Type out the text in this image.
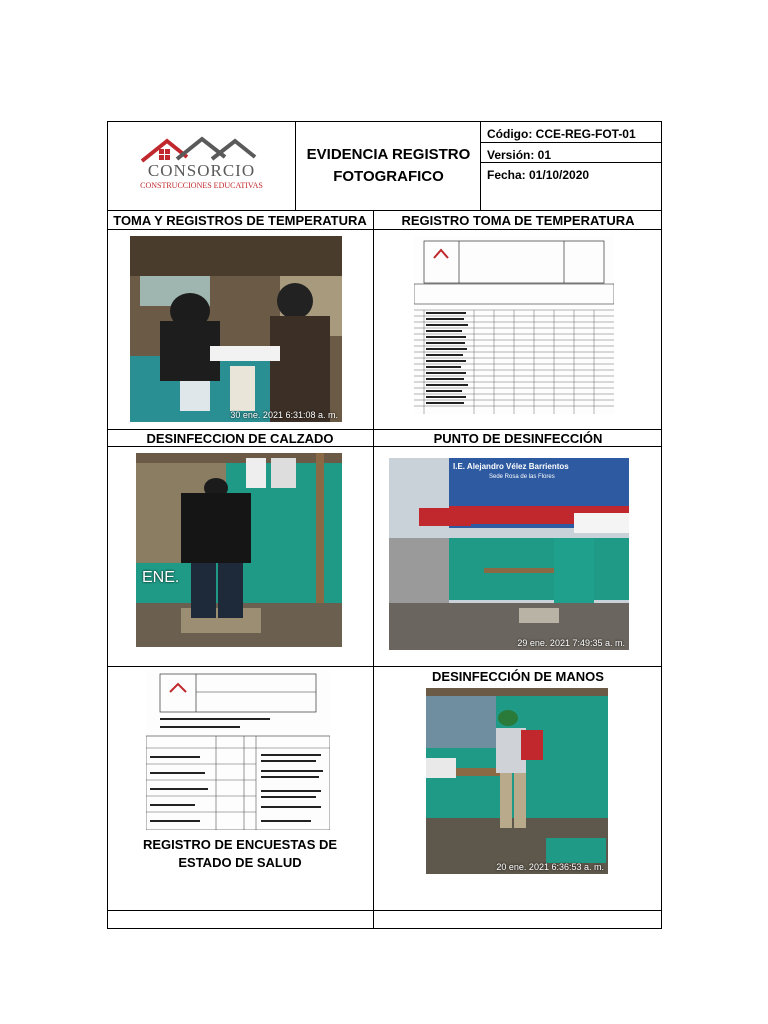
CONSORCIO
CONSTRUCCIONES EDUCATIVAS
EVIDENCIA REGISTRO
FOTOGRAFICO
Código: CCE-REG-FOT-01
Versión: 01
Fecha: 01/10/2020
TOMA Y REGISTROS DE TEMPERATURA	REGISTRO TOMA DE TEMPERATURA
DESINFECCION DE CALZADO	PUNTO DE DESINFECCIÓN
DESINFECCIÓN DE MANOS
REGISTRO DE ENCUESTAS DE ESTADO DE SALUD
30 ene. 2021 6:31:08 a. m.
ENE.
I.E. Alejandro Vélez Barrientos
Sede Rosa de las Flores
29 ene. 2021 7:49:35 a. m.
20 ene. 2021 6:36:53 a. m.
